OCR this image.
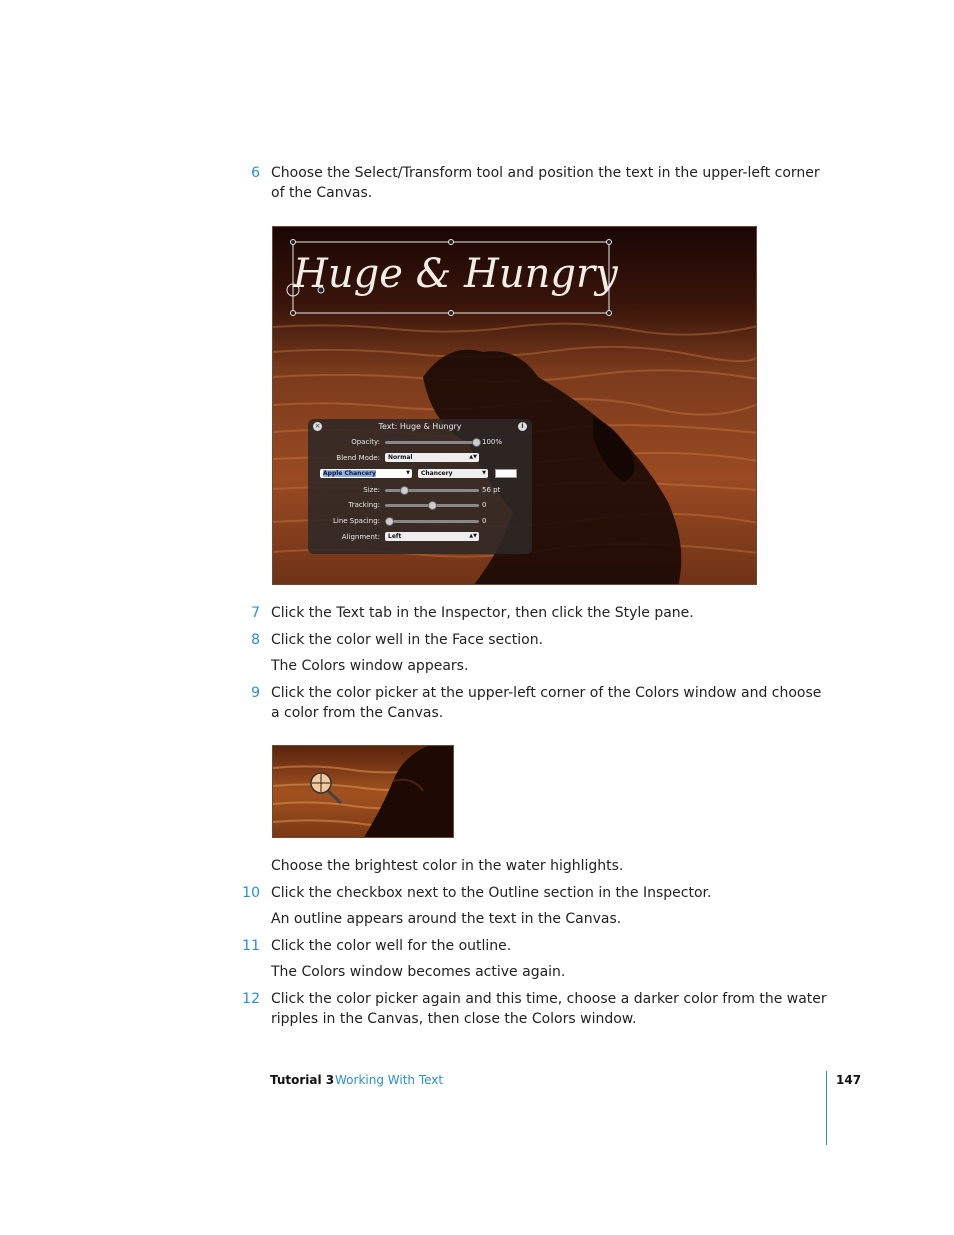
6 Choose the Select/Transform tool and position the text in the upper-left corner of the Canvas.
Huge & Hungry
×	Text: Huge & Hungry	i
Opacity:	100%
Blend Mode:	Normal	▲▼
Apple Chancery	▼	Chancery	▼
Size:	56 pt
Tracking:	0
Line Spacing:	0
Alignment:	Left	▲▼
7 Click the Text tab in the Inspector, then click the Style pane.
8 Click the color well in the Face section.
The Colors window appears.
9 Click the color picker at the upper-left corner of the Colors window and choose a color from the Canvas.
Choose the brightest color in the water highlights.
10 Click the checkbox next to the Outline section in the Inspector.
An outline appears around the text in the Canvas.
11 Click the color well for the outline.
The Colors window becomes active again.
12 Click the color picker again and this time, choose a darker color from the water ripples in the Canvas, then close the Colors window.
Tutorial 3 Working With Text	147
